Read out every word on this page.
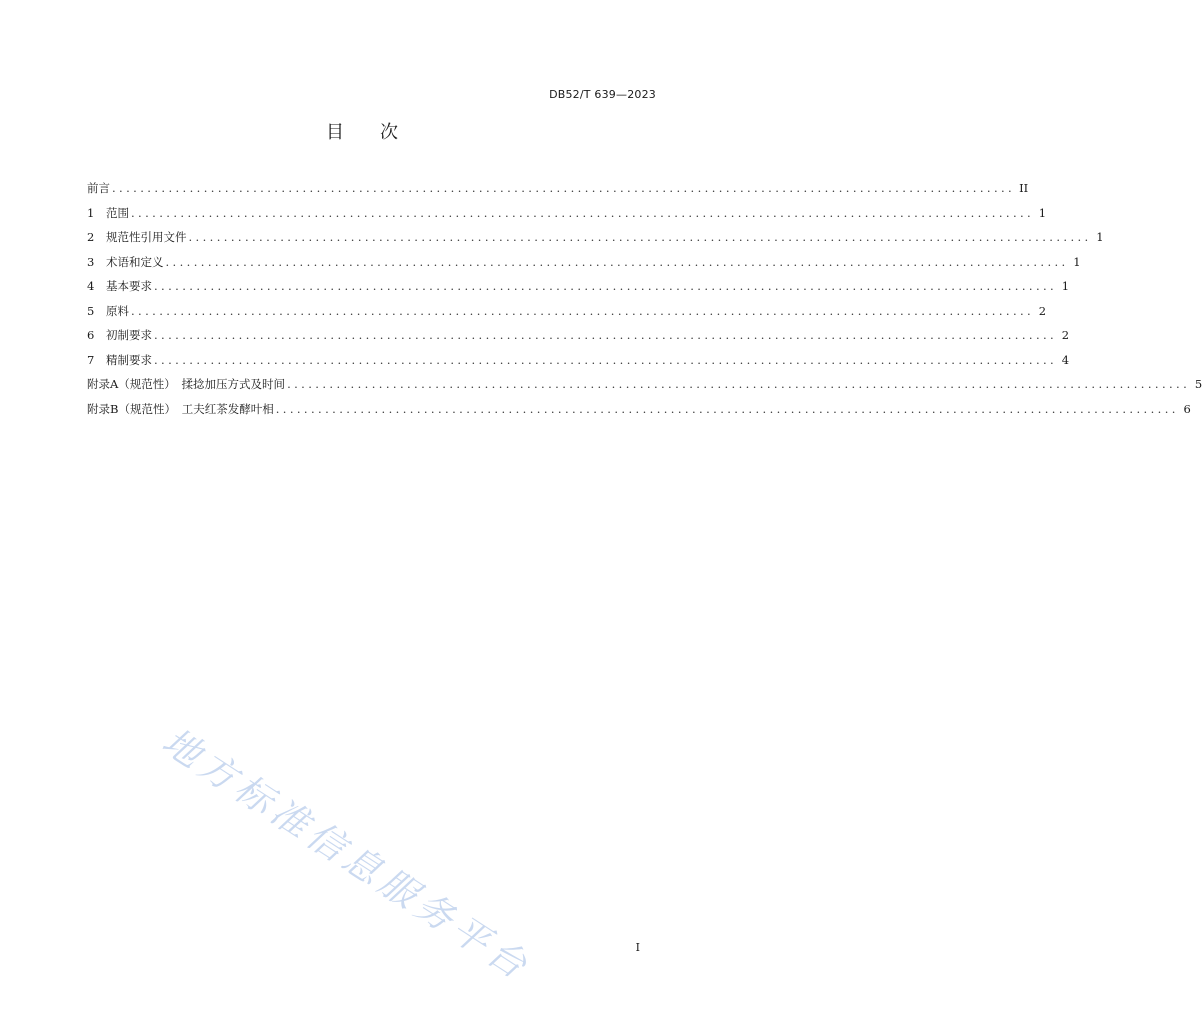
DB52/T 639—2023
目　　次
前言 ................................................................................................................................ II
1	范围 ................................................................................................................................ 1
2	规范性引用文件 ................................................................................................................................ 1
3	术语和定义 ................................................................................................................................ 1
4	基本要求 ................................................................................................................................ 1
5	原料 ................................................................................................................................ 2
6	初制要求 ................................................................................................................................ 2
7	精制要求 ................................................................................................................................ 4
附录A（规范性）　揉捻加压方式及时间 ................................................................................................................................ 5
附录B（规范性）　工夫红茶发酵叶相 ................................................................................................................................ 6
地方标准信息服务平台	I
